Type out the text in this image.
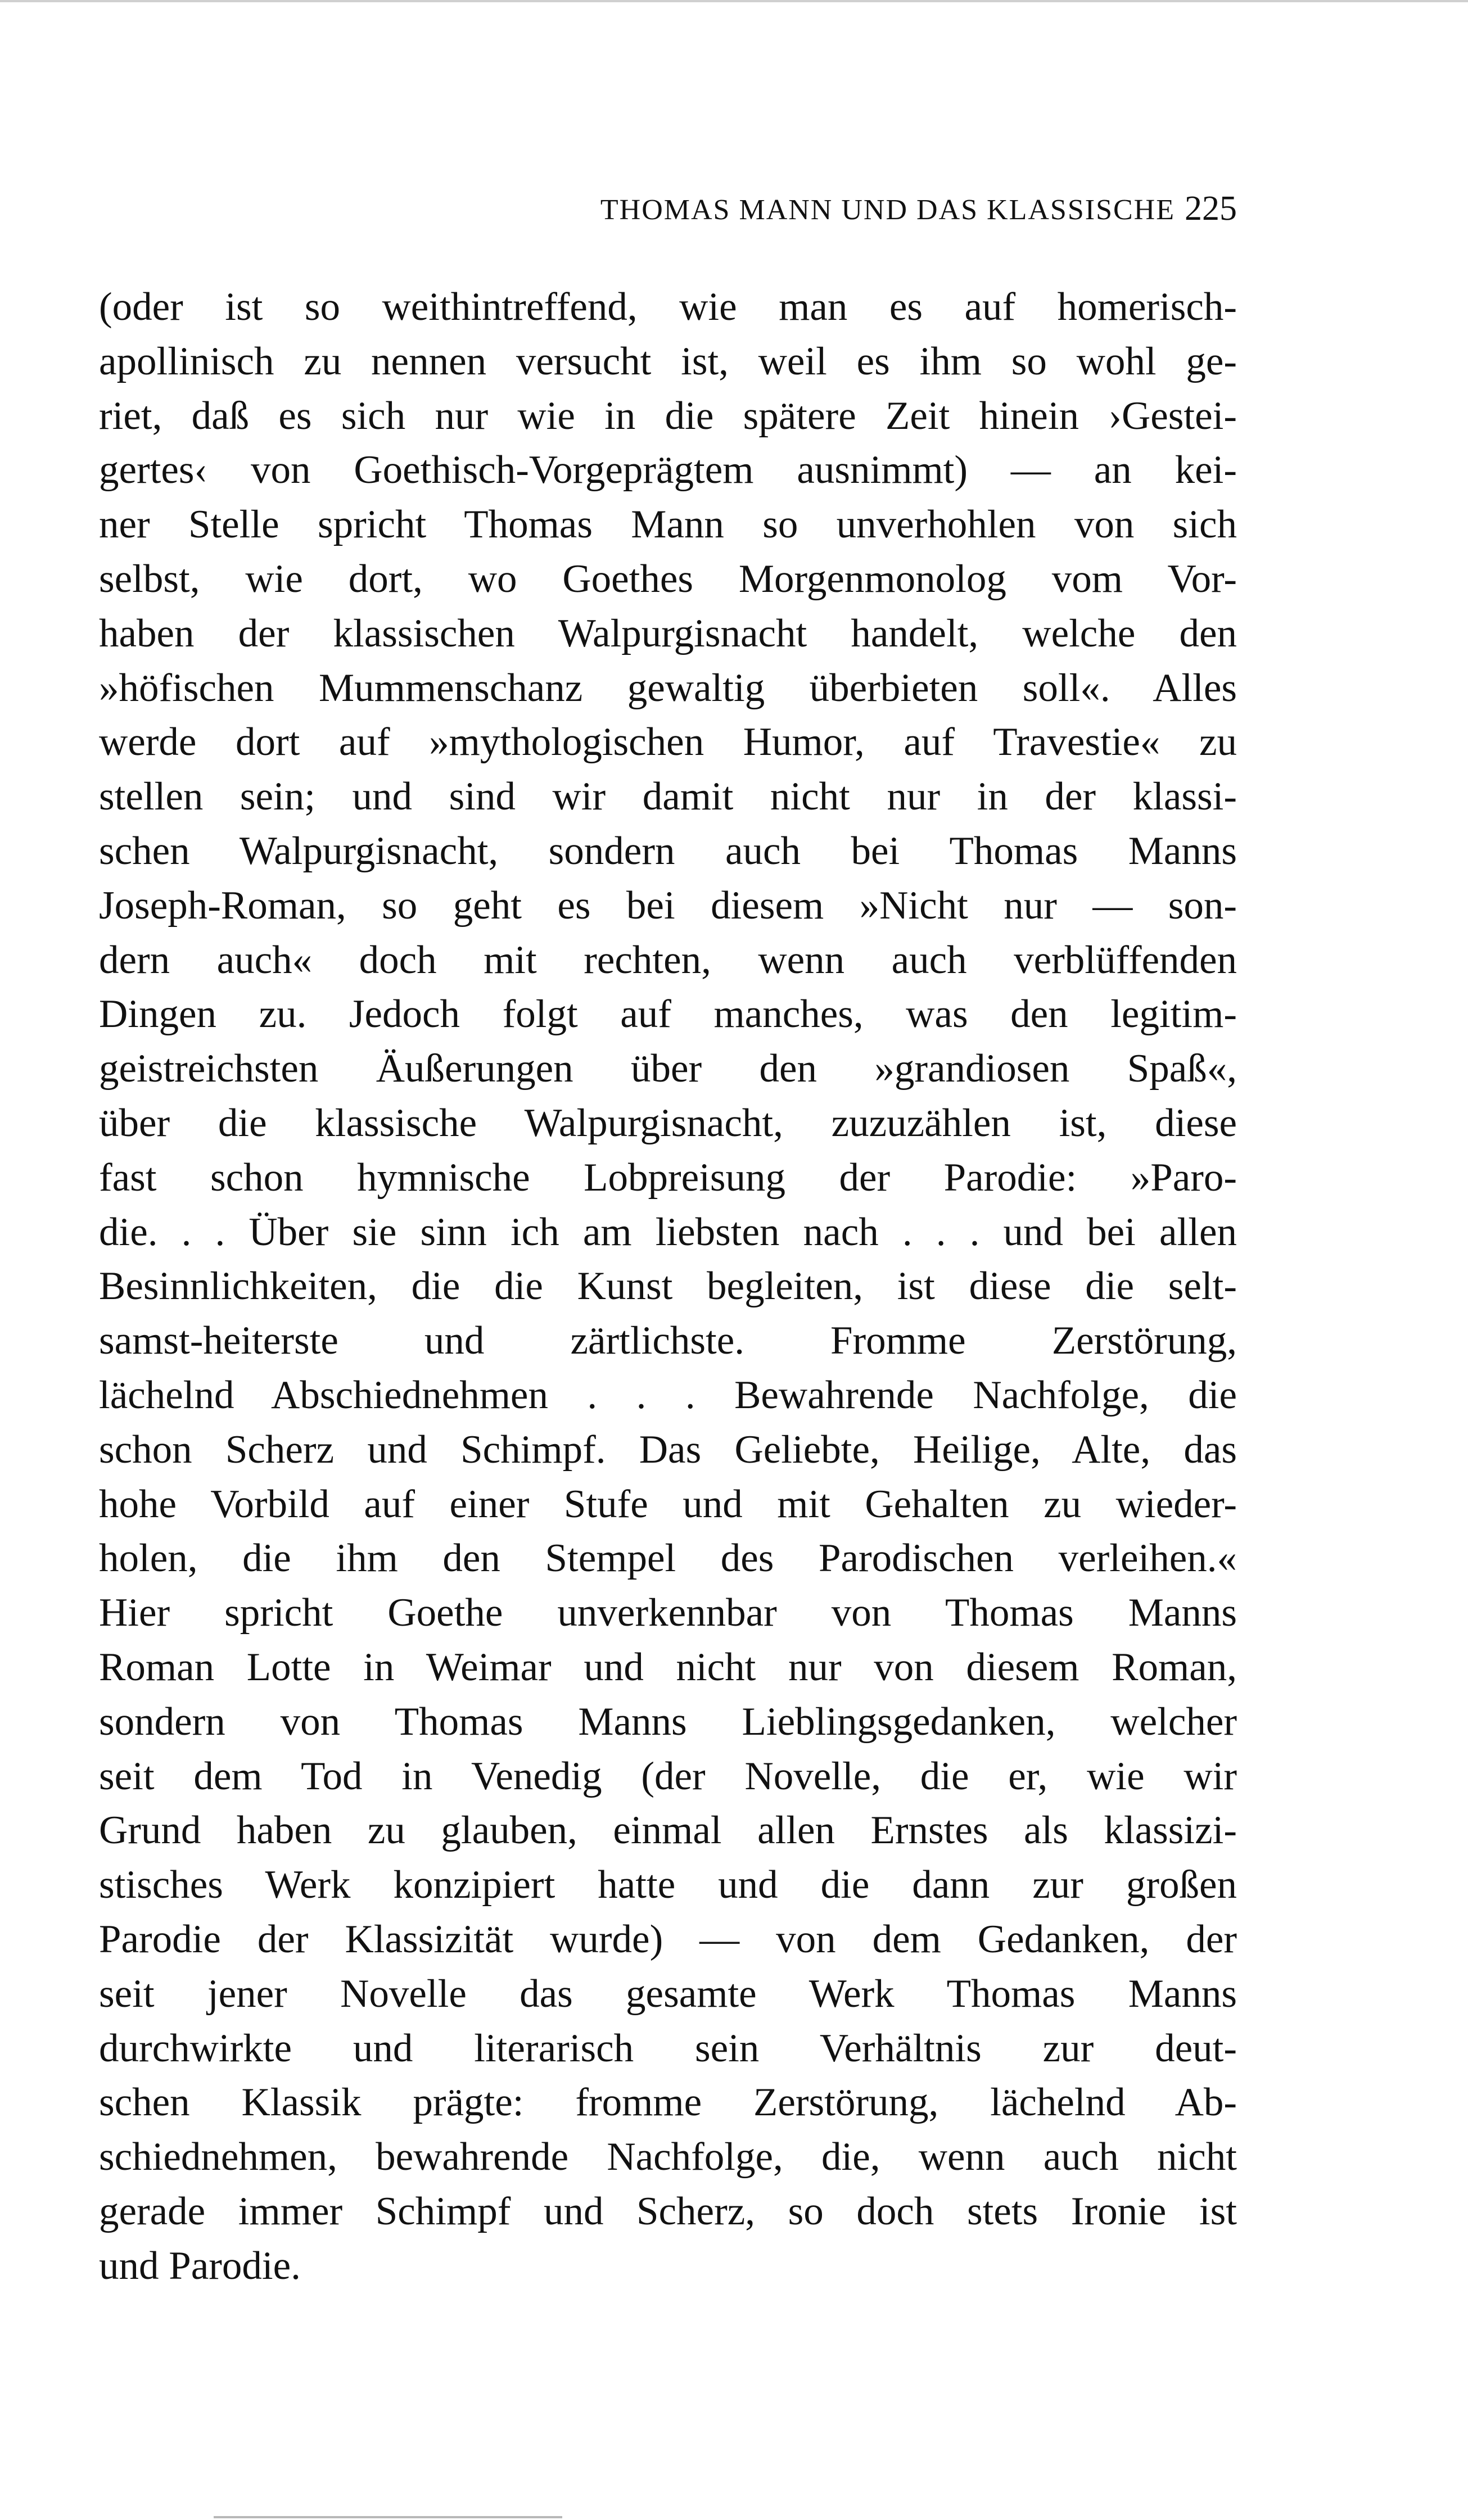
THOMAS MANN UND DAS KLASSISCHE 225
(oder ist so weithintreffend, wie man es auf homerisch-
apollinisch zu nennen versucht ist, weil es ihm so wohl ge-
riet, daß es sich nur wie in die spätere Zeit hinein ›Gestei-
gertes‹ von Goethisch-Vorgeprägtem ausnimmt) — an kei-
ner Stelle spricht Thomas Mann so unverhohlen von sich
selbst, wie dort, wo Goethes Morgenmonolog vom Vor-
haben der klassischen Walpurgisnacht handelt, welche den
»höfischen Mummenschanz gewaltig überbieten soll«. Alles
werde dort auf »mythologischen Humor, auf Travestie« zu
stellen sein; und sind wir damit nicht nur in der klassi-
schen Walpurgisnacht, sondern auch bei Thomas Manns
Joseph-Roman, so geht es bei diesem »Nicht nur — son-
dern auch« doch mit rechten, wenn auch verblüffenden
Dingen zu. Jedoch folgt auf manches, was den legitim-
geistreichsten Äußerungen über den »grandiosen Spaß«,
über die klassische Walpurgisnacht, zuzuzählen ist, diese
fast schon hymnische Lobpreisung der Parodie: »Paro-
die. . . Über sie sinn ich am liebsten nach . . . und bei allen
Besinnlichkeiten, die die Kunst begleiten, ist diese die selt-
samst-heiterste und zärtlichste. Fromme Zerstörung,
lächelnd Abschiednehmen . . . Bewahrende Nachfolge, die
schon Scherz und Schimpf. Das Geliebte, Heilige, Alte, das
hohe Vorbild auf einer Stufe und mit Gehalten zu wieder-
holen, die ihm den Stempel des Parodischen verleihen.«
Hier spricht Goethe unverkennbar von Thomas Manns
Roman Lotte in Weimar und nicht nur von diesem Roman,
sondern von Thomas Manns Lieblingsgedanken, welcher
seit dem Tod in Venedig (der Novelle, die er, wie wir
Grund haben zu glauben, einmal allen Ernstes als klassizi-
stisches Werk konzipiert hatte und die dann zur großen
Parodie der Klassizität wurde) — von dem Gedanken, der
seit jener Novelle das gesamte Werk Thomas Manns
durchwirkte und literarisch sein Verhältnis zur deut-
schen Klassik prägte: fromme Zerstörung, lächelnd Ab-
schiednehmen, bewahrende Nachfolge, die, wenn auch nicht
gerade immer Schimpf und Scherz, so doch stets Ironie ist
und Parodie.
